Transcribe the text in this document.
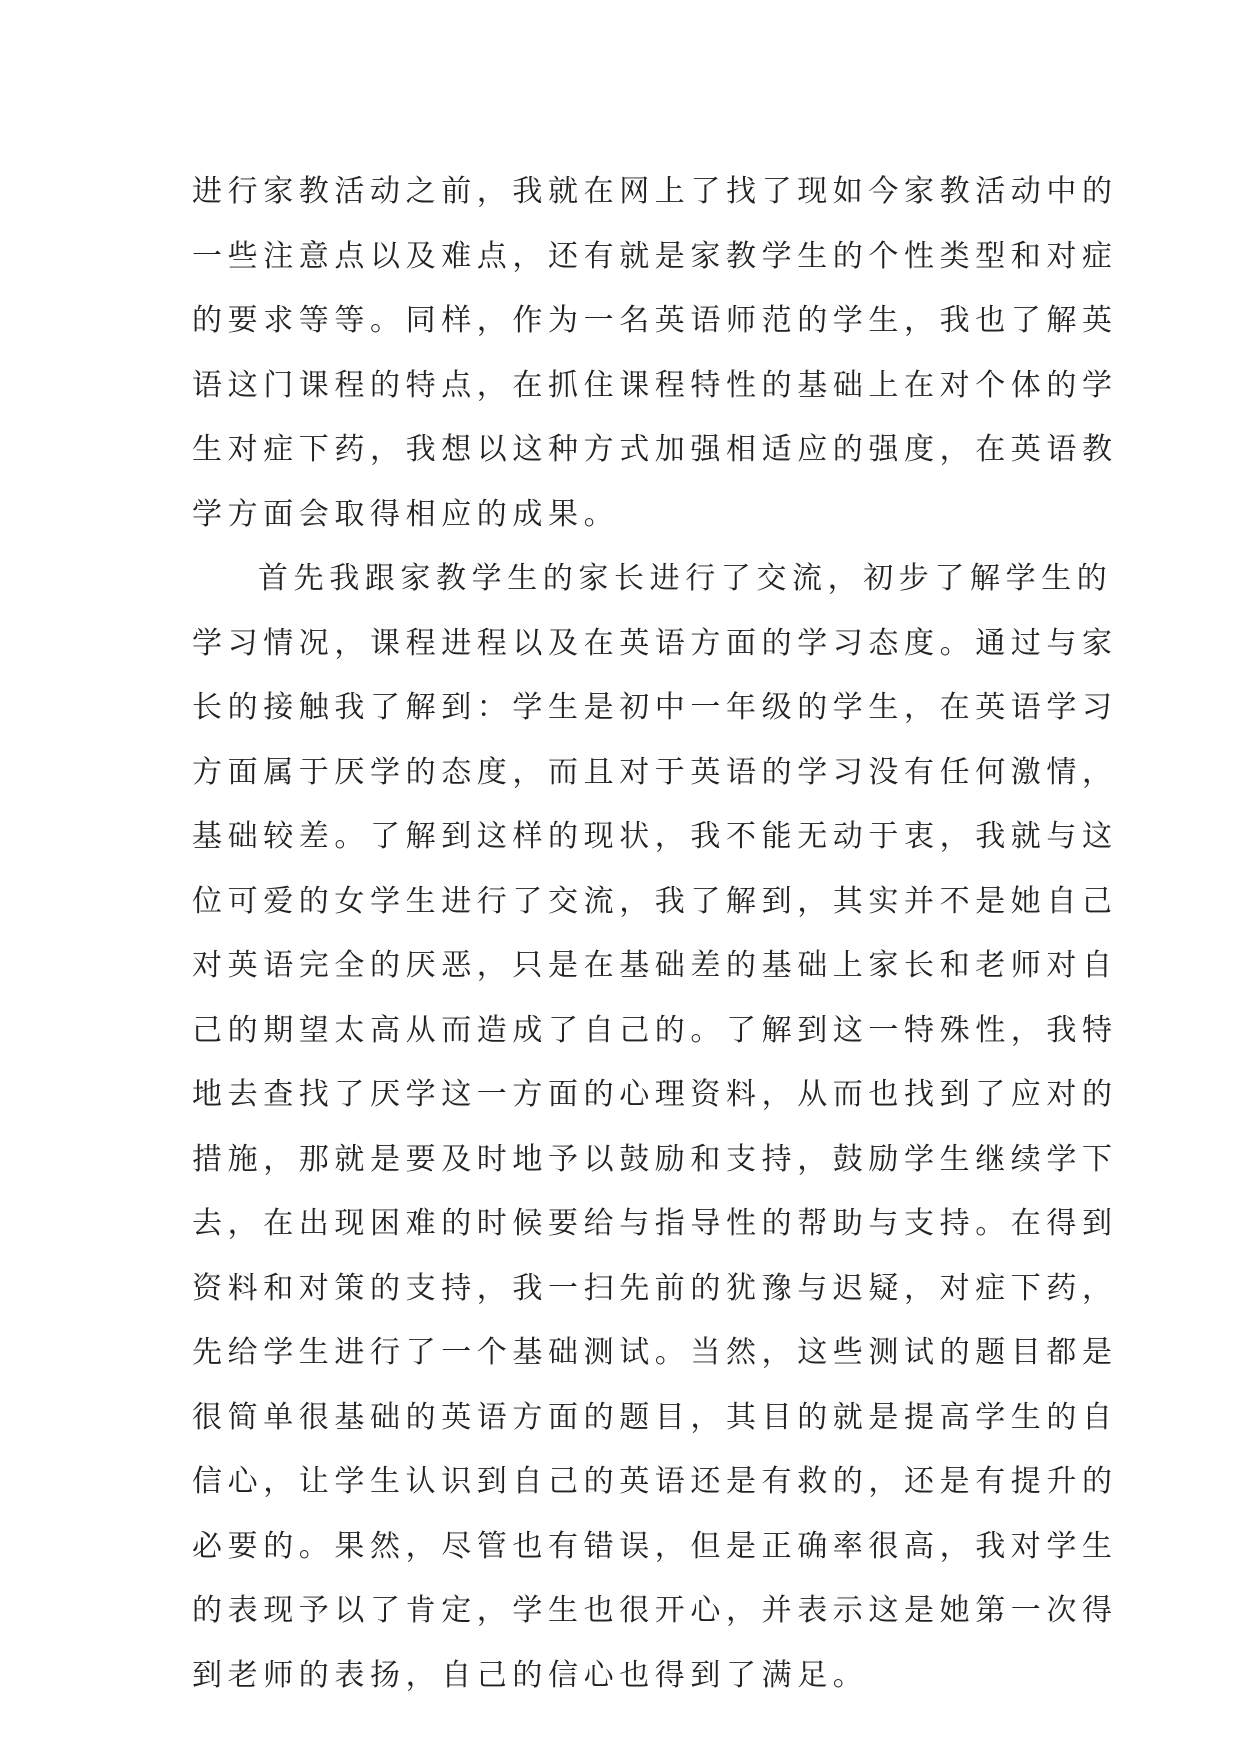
进行家教活动之前，我就在网上了找了现如今家教活动中的
一些注意点以及难点，还有就是家教学生的个性类型和对症
的要求等等。同样，作为一名英语师范的学生，我也了解英
语这门课程的特点，在抓住课程特性的基础上在对个体的学
生对症下药，我想以这种方式加强相适应的强度，在英语教
学方面会取得相应的成果。
首先我跟家教学生的家长进行了交流，初步了解学生的
学习情况，课程进程以及在英语方面的学习态度。通过与家
长的接触我了解到：学生是初中一年级的学生，在英语学习
方面属于厌学的态度，而且对于英语的学习没有任何激情，
基础较差。了解到这样的现状，我不能无动于衷，我就与这
位可爱的女学生进行了交流，我了解到，其实并不是她自己
对英语完全的厌恶，只是在基础差的基础上家长和老师对自
己的期望太高从而造成了自己的。了解到这一特殊性，我特
地去查找了厌学这一方面的心理资料，从而也找到了应对的
措施，那就是要及时地予以鼓励和支持，鼓励学生继续学下
去，在出现困难的时候要给与指导性的帮助与支持。在得到
资料和对策的支持，我一扫先前的犹豫与迟疑，对症下药，
先给学生进行了一个基础测试。当然，这些测试的题目都是
很简单很基础的英语方面的题目，其目的就是提高学生的自
信心，让学生认识到自己的英语还是有救的，还是有提升的
必要的。果然，尽管也有错误，但是正确率很高，我对学生
的表现予以了肯定，学生也很开心，并表示这是她第一次得
到老师的表扬，自己的信心也得到了满足。
